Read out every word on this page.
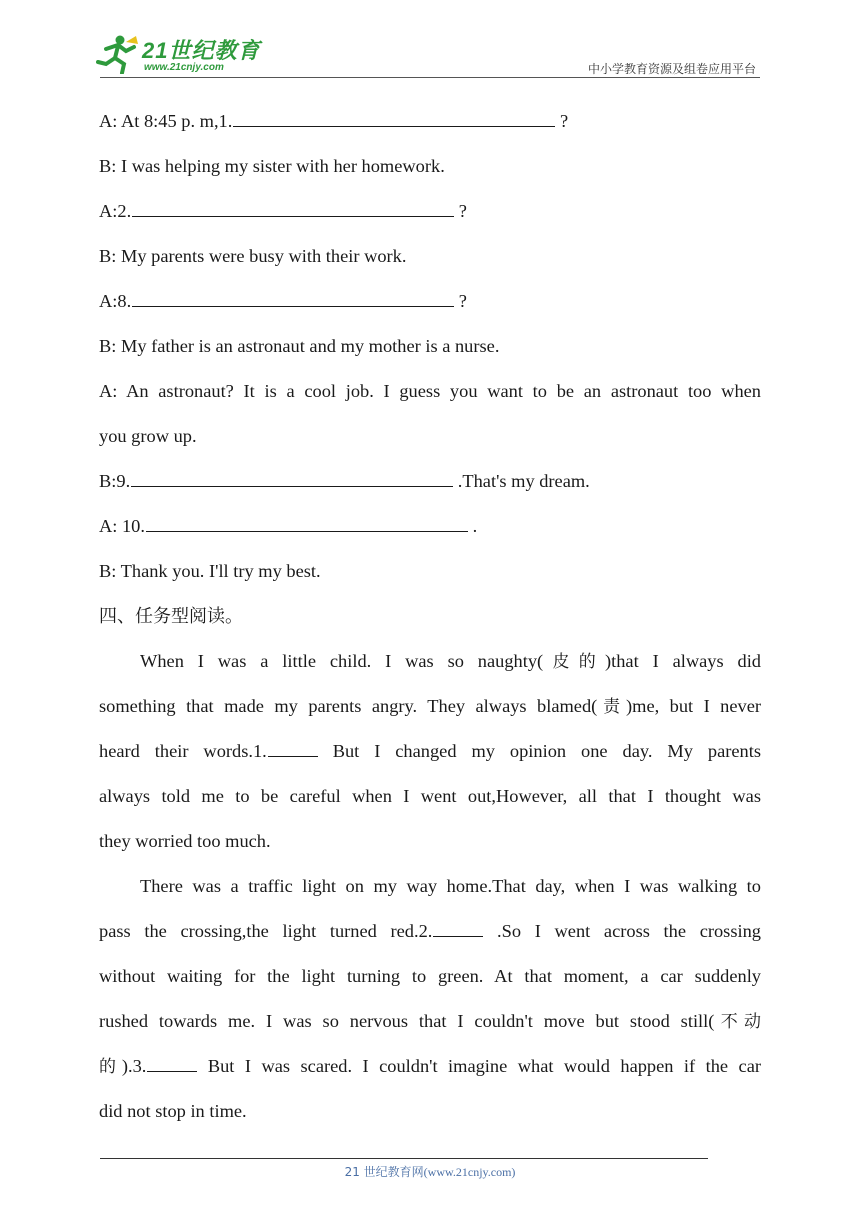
21世纪教育
www.21cnjy.com	中小学教育资源及组卷应用平台
A: At 8:45 p. m,1.	?
B: I was helping my sister with her homework.
A:2.	?
B: My parents were busy with their work.
A:8.	?
B: My father is an astronaut and my mother is a nurse.
A: An astronaut? It is a cool job. I guess you want to be an astronaut too when
you grow up.
B:9.	.That's my dream.
A: 10.	.
B: Thank you. I'll try my best.
四、任务型阅读。
When I was a little child. I was so naughty(皮的)that I always did
something that made my parents angry. They always blamed(责)me, but I never
heard their words.1.	But I changed my opinion one day. My parents
always told me to be careful when I went out,However, all that I thought was
they worried too much.
There was a traffic light on my way home.That day, when I was walking to
pass the crossing,the light turned red.2.	.So I went across the crossing
without waiting for the light turning to green. At that moment, a car suddenly
rushed towards me. I was so nervous that I couldn't move but stood still(不动
的).3.	But I was scared. I couldn't imagine what would happen if the car
did not stop in time.
21 世纪教育网(www.21cnjy.com)
